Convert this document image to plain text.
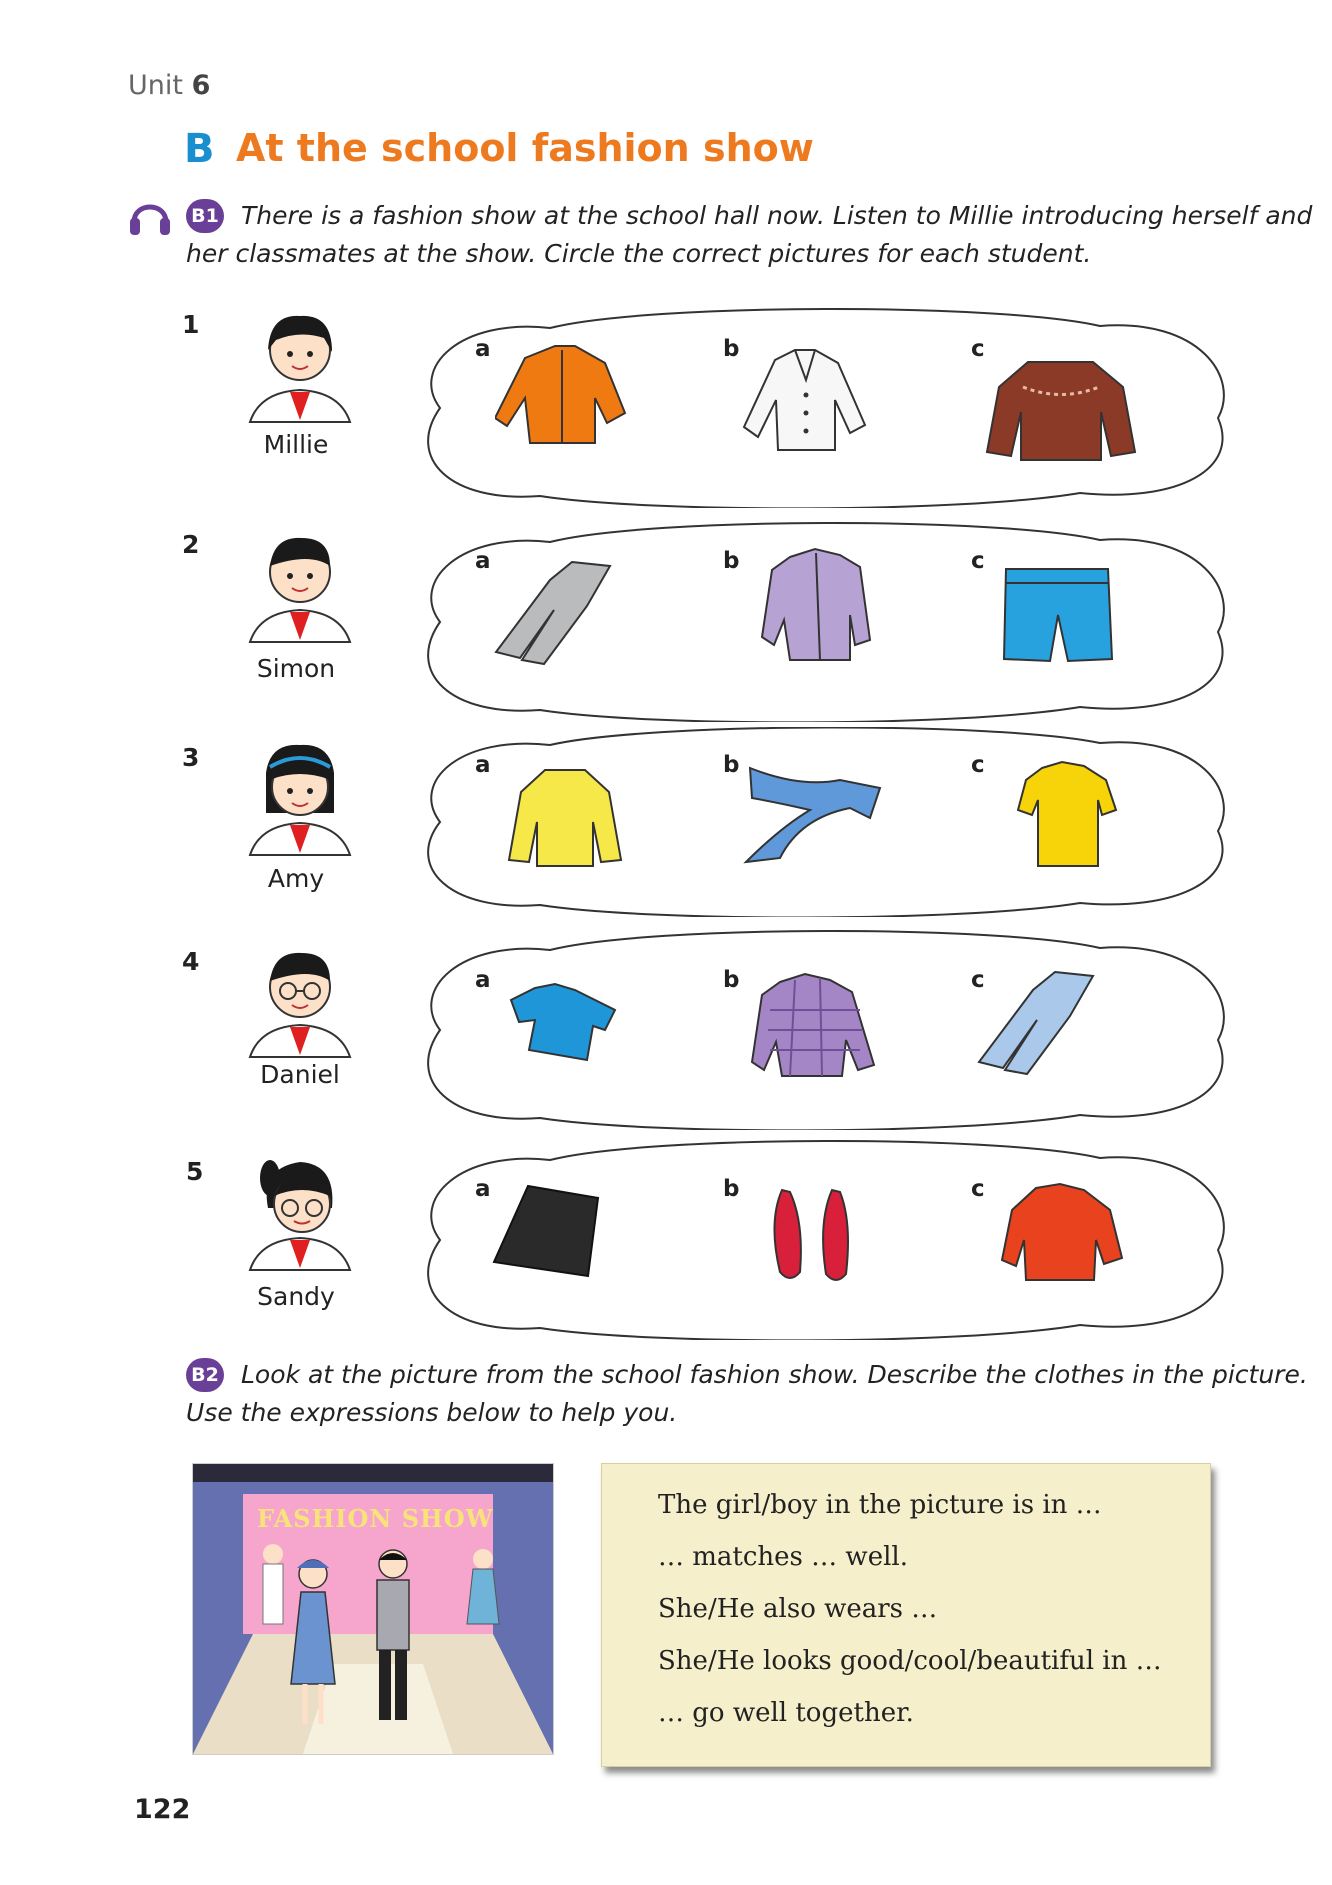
Unit 6
B At the school fashion show
B1 There is a fashion show at the school hall now. Listen to Millie introducing herself and
her classmates at the show. Circle the correct pictures for each student.
1
Millie
a	b	c
2
Simon
a	b	c
3
Amy
a	b	c
4
Daniel
a	b	c
5
Sandy
a	b	c
B2 Look at the picture from the school fashion show. Describe the clothes in the picture.
Use the expressions below to help you.
FASHION SHOW	The girl/boy in the picture is in …
… matches … well.
She/He also wears …
She/He looks good/cool/beautiful in …
… go well together.
122
